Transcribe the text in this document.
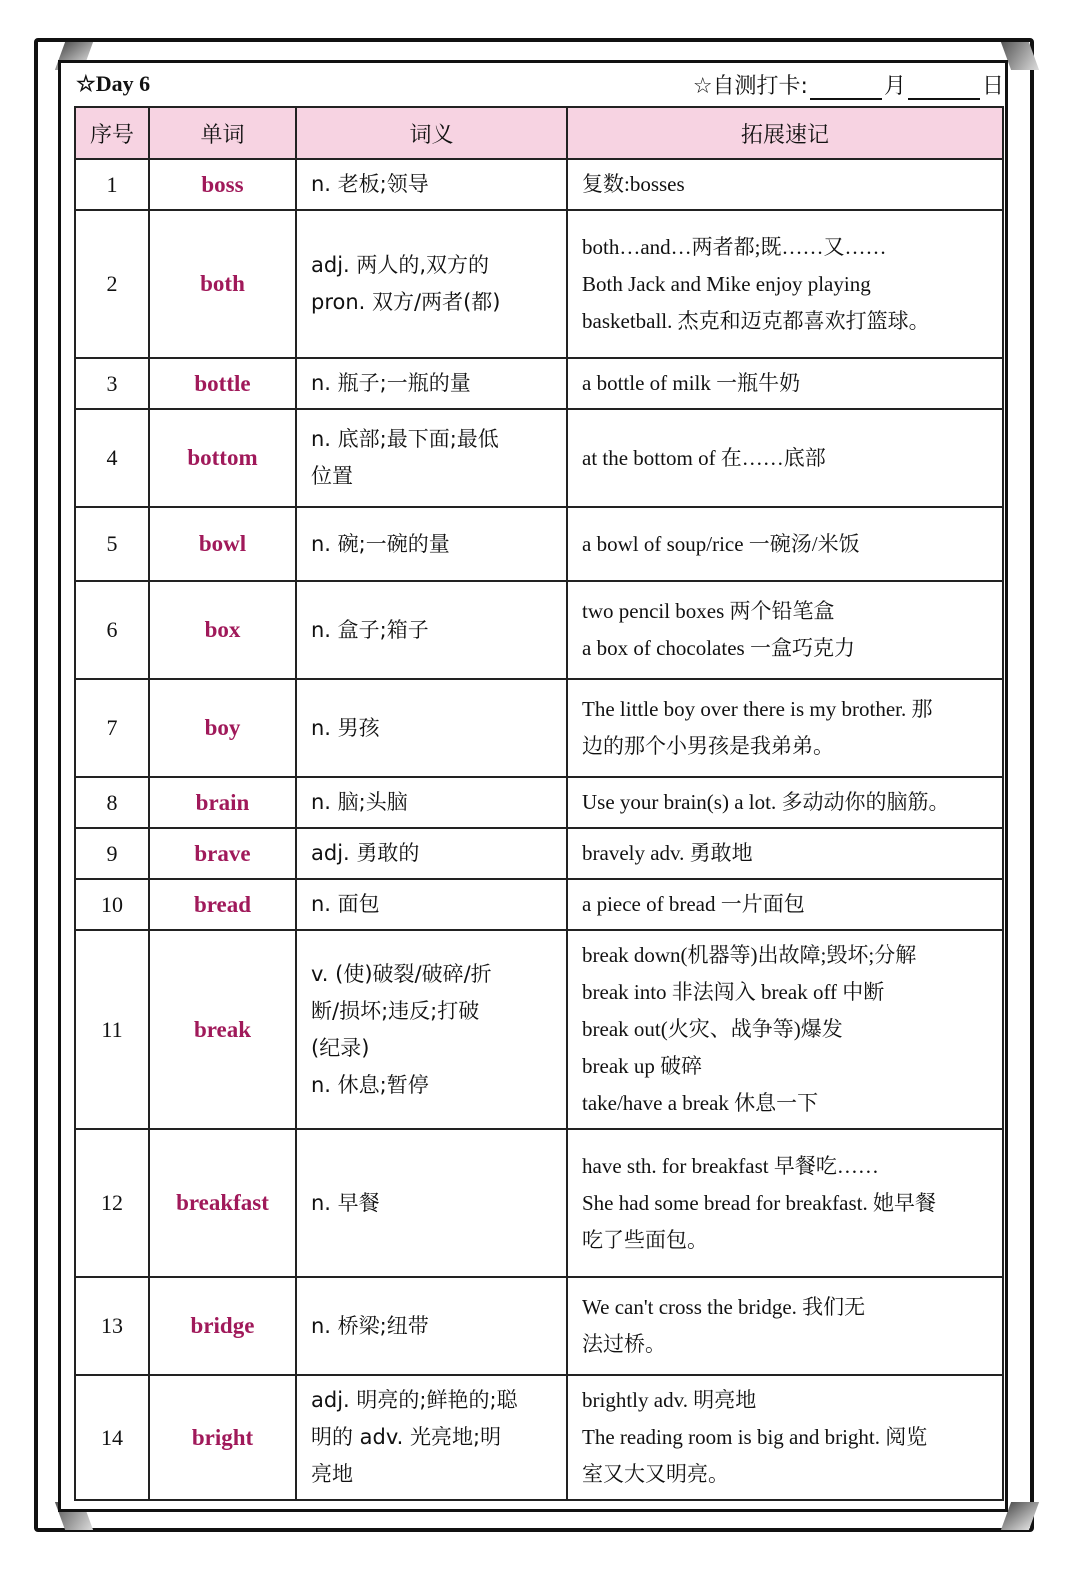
☆Day 6	☆自测打卡:	月	日
序号	单词	词义	拓展速记
1	boss	n. 老板;领导	复数:bosses

2	both	adj. 两人的,双方的
pron. 双方/两者(都)	both…and…两者都;既……又……
Both Jack and Mike enjoy playing
basketball. 杰克和迈克都喜欢打篮球。

3	bottle	n. 瓶子;一瓶的量	a bottle of milk 一瓶牛奶

4	bottom	n. 底部;最下面;最低
位置	at the bottom of 在……底部

5	bowl	n. 碗;一碗的量	a bowl of soup/rice 一碗汤/米饭

6	box	n. 盒子;箱子	two pencil boxes 两个铅笔盒
a box of chocolates 一盒巧克力

7	boy	n. 男孩	The little boy over there is my brother. 那
边的那个小男孩是我弟弟。

8	brain	n. 脑;头脑	Use your brain(s) a lot. 多动动你的脑筋。

9	brave	adj. 勇敢的	bravely adv. 勇敢地

10	bread	n. 面包	a piece of bread 一片面包

11	break	v. (使)破裂/破碎/折
断/损坏;违反;打破
(纪录)
n. 休息;暂停	break down(机器等)出故障;毁坏;分解
break into 非法闯入 break off 中断
break out(火灾、战争等)爆发
break up 破碎
take/have a break 休息一下

12	breakfast	n. 早餐	have sth. for breakfast 早餐吃……
She had some bread for breakfast. 她早餐
吃了些面包。

13	bridge	n. 桥梁;纽带	We can't cross the bridge. 我们无
法过桥。

14	bright	adj. 明亮的;鲜艳的;聪
明的 adv. 光亮地;明
亮地	brightly adv. 明亮地
The reading room is big and bright. 阅览
室又大又明亮。
